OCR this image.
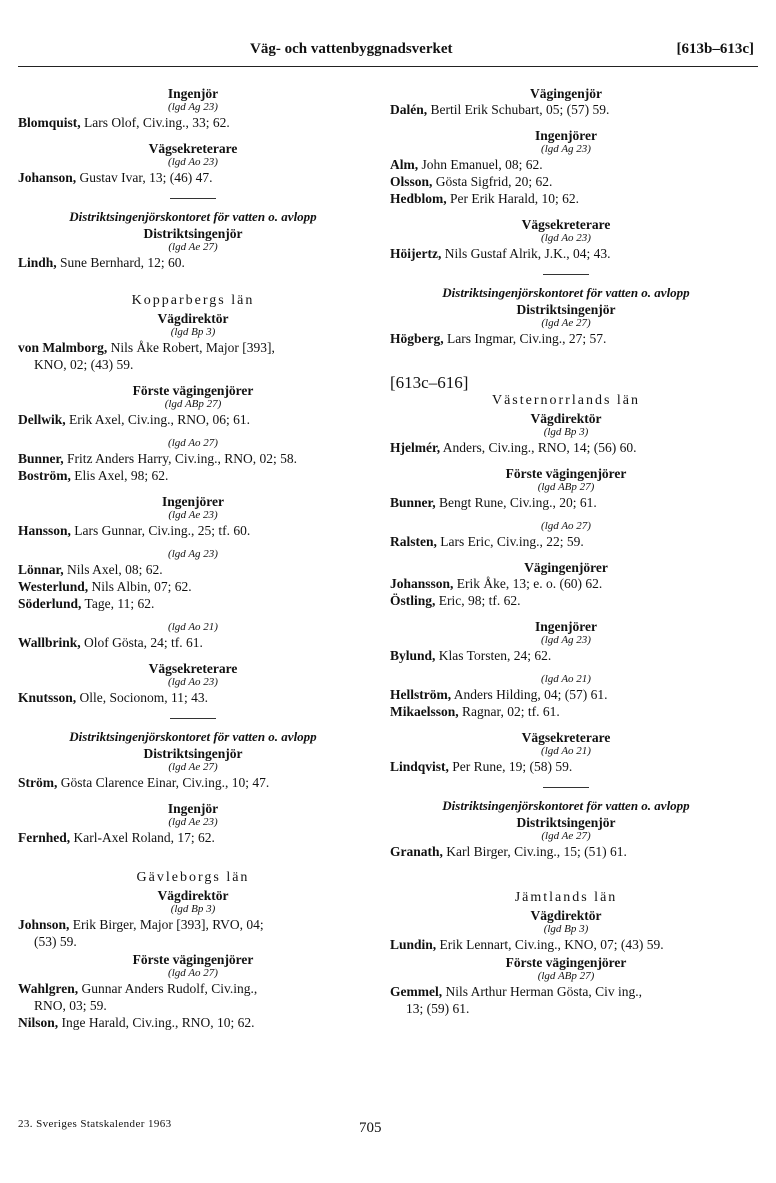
Väg- och vattenbyggnadsverket	[613b–613c]
Ingenjör
(lgd Ag 23)

Blomquist, Lars Olof, Civ.ing., 33; 62.

Vägsekreterare
(lgd Ao 23)

Johanson, Gustav Ivar, 13; (46) 47.

Distriktsingenjörskontoret för vatten o. avlopp
Distriktsingenjör
(lgd Ae 27)

Lindh, Sune Bernhard, 12; 60.

Kopparbergs län
Vägdirektör
(lgd Bp 3)

von Malmborg, Nils Åke Robert, Major [393],
KNO, 02; (43) 59.

Förste vägingenjörer
(lgd ABp 27)

Dellwik, Erik Axel, Civ.ing., RNO, 06; 61.

(lgd Ao 27)

Bunner, Fritz Anders Harry, Civ.ing., RNO, 02; 58.

Boström, Elis Axel, 98; 62.

Ingenjörer
(lgd Ae 23)

Hansson, Lars Gunnar, Civ.ing., 25; tf. 60.

(lgd Ag 23)

Lönnar, Nils Axel, 08; 62.

Westerlund, Nils Albin, 07; 62.

Söderlund, Tage, 11; 62.

(lgd Ao 21)

Wallbrink, Olof Gösta, 24; tf. 61.

Vägsekreterare
(lgd Ao 23)

Knutsson, Olle, Socionom, 11; 43.

Distriktsingenjörskontoret för vatten o. avlopp
Distriktsingenjör
(lgd Ae 27)

Ström, Gösta Clarence Einar, Civ.ing., 10; 47.

Ingenjör
(lgd Ae 23)

Fernhed, Karl-Axel Roland, 17; 62.

Gävleborgs län
Vägdirektör
(lgd Bp 3)

Johnson, Erik Birger, Major [393], RVO, 04;
(53) 59.

Förste vägingenjörer
(lgd Ao 27)

Wahlgren, Gunnar Anders Rudolf, Civ.ing.,
RNO, 03; 59.

Nilson, Inge Harald, Civ.ing., RNO, 10; 62.

Vägingenjör

Dalén, Bertil Erik Schubart, 05; (57) 59.

Ingenjörer
(lgd Ag 23)

Alm, John Emanuel, 08; 62.

Olsson, Gösta Sigfrid, 20; 62.

Hedblom, Per Erik Harald, 10; 62.

Vägsekreterare
(lgd Ao 23)

Höijertz, Nils Gustaf Alrik, J.K., 04; 43.

Distriktsingenjörskontoret för vatten o. avlopp
Distriktsingenjör
(lgd Ae 27)

Högberg, Lars Ingmar, Civ.ing., 27; 57.

[613c–616]
Västernorrlands län
Vägdirektör
(lgd Bp 3)

Hjelmér, Anders, Civ.ing., RNO, 14; (56) 60.

Förste vägingenjörer
(lgd ABp 27)

Bunner, Bengt Rune, Civ.ing., 20; 61.

(lgd Ao 27)

Ralsten, Lars Eric, Civ.ing., 22; 59.

Vägingenjörer

Johansson, Erik Åke, 13; e. o. (60) 62.

Östling, Eric, 98; tf. 62.

Ingenjörer
(lgd Ag 23)

Bylund, Klas Torsten, 24; 62.

(lgd Ao 21)

Hellström, Anders Hilding, 04; (57) 61.

Mikaelsson, Ragnar, 02; tf. 61.

Vägsekreterare
(lgd Ao 21)

Lindqvist, Per Rune, 19; (58) 59.

Distriktsingenjörskontoret för vatten o. avlopp
Distriktsingenjör
(lgd Ae 27)

Granath, Karl Birger, Civ.ing., 15; (51) 61.

Jämtlands län
Vägdirektör
(lgd Bp 3)

Lundin, Erik Lennart, Civ.ing., KNO, 07; (43) 59.

Förste vägingenjörer
(lgd ABp 27)

Gemmel, Nils Arthur Herman Gösta, Civ ing.,
13; (59) 61.

23. Sveriges Statskalender 1963	705
